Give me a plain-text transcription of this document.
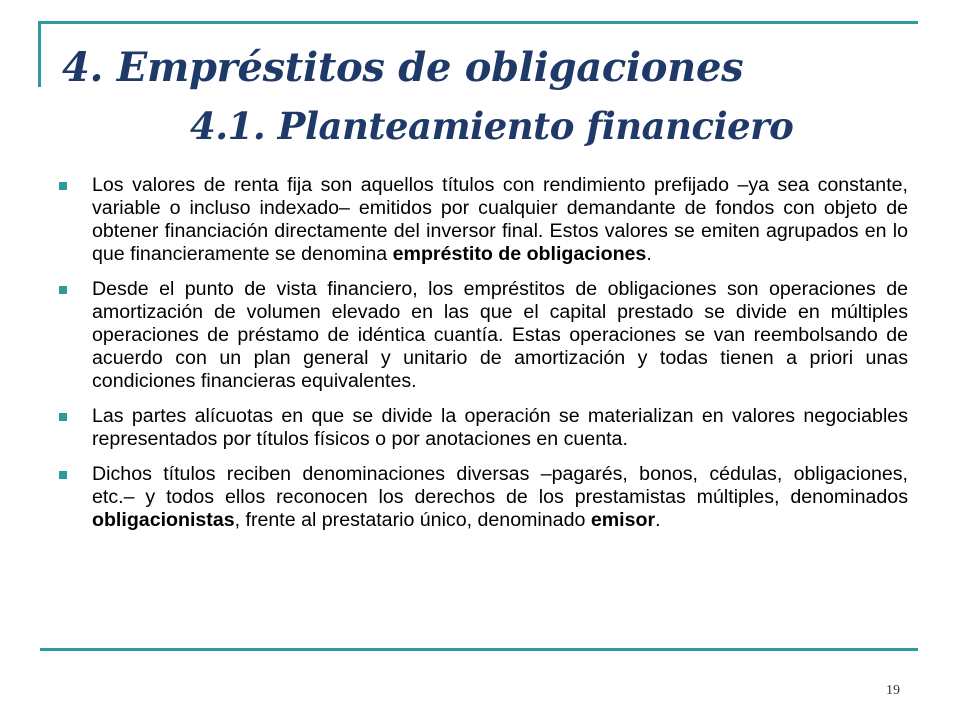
4. Empréstitos de obligaciones
4.1. Planteamiento financiero
Los valores de renta fija son aquellos títulos con rendimiento prefijado –ya sea constante, variable o incluso indexado– emitidos por cualquier demandante de fondos con objeto de obtener financiación directamente del inversor final. Estos valores se emiten agrupados en lo que financieramente se denomina empréstito de obligaciones.
Desde el punto de vista financiero, los empréstitos de obligaciones son operaciones de amortización de volumen elevado en las que el capital prestado se divide en múltiples operaciones de préstamo de idéntica cuantía. Estas operaciones se van reembolsando de acuerdo con un plan general y unitario de amortización y todas tienen a priori unas condiciones financieras equivalentes.
Las partes alícuotas en que se divide la operación se materializan en valores negociables representados por títulos físicos o por anotaciones en cuenta.
Dichos títulos reciben denominaciones diversas –pagarés, bonos, cédulas, obligaciones, etc.– y todos ellos reconocen los derechos de los prestamistas múltiples, denominados obligacionistas, frente al prestatario único, denominado emisor.
19
